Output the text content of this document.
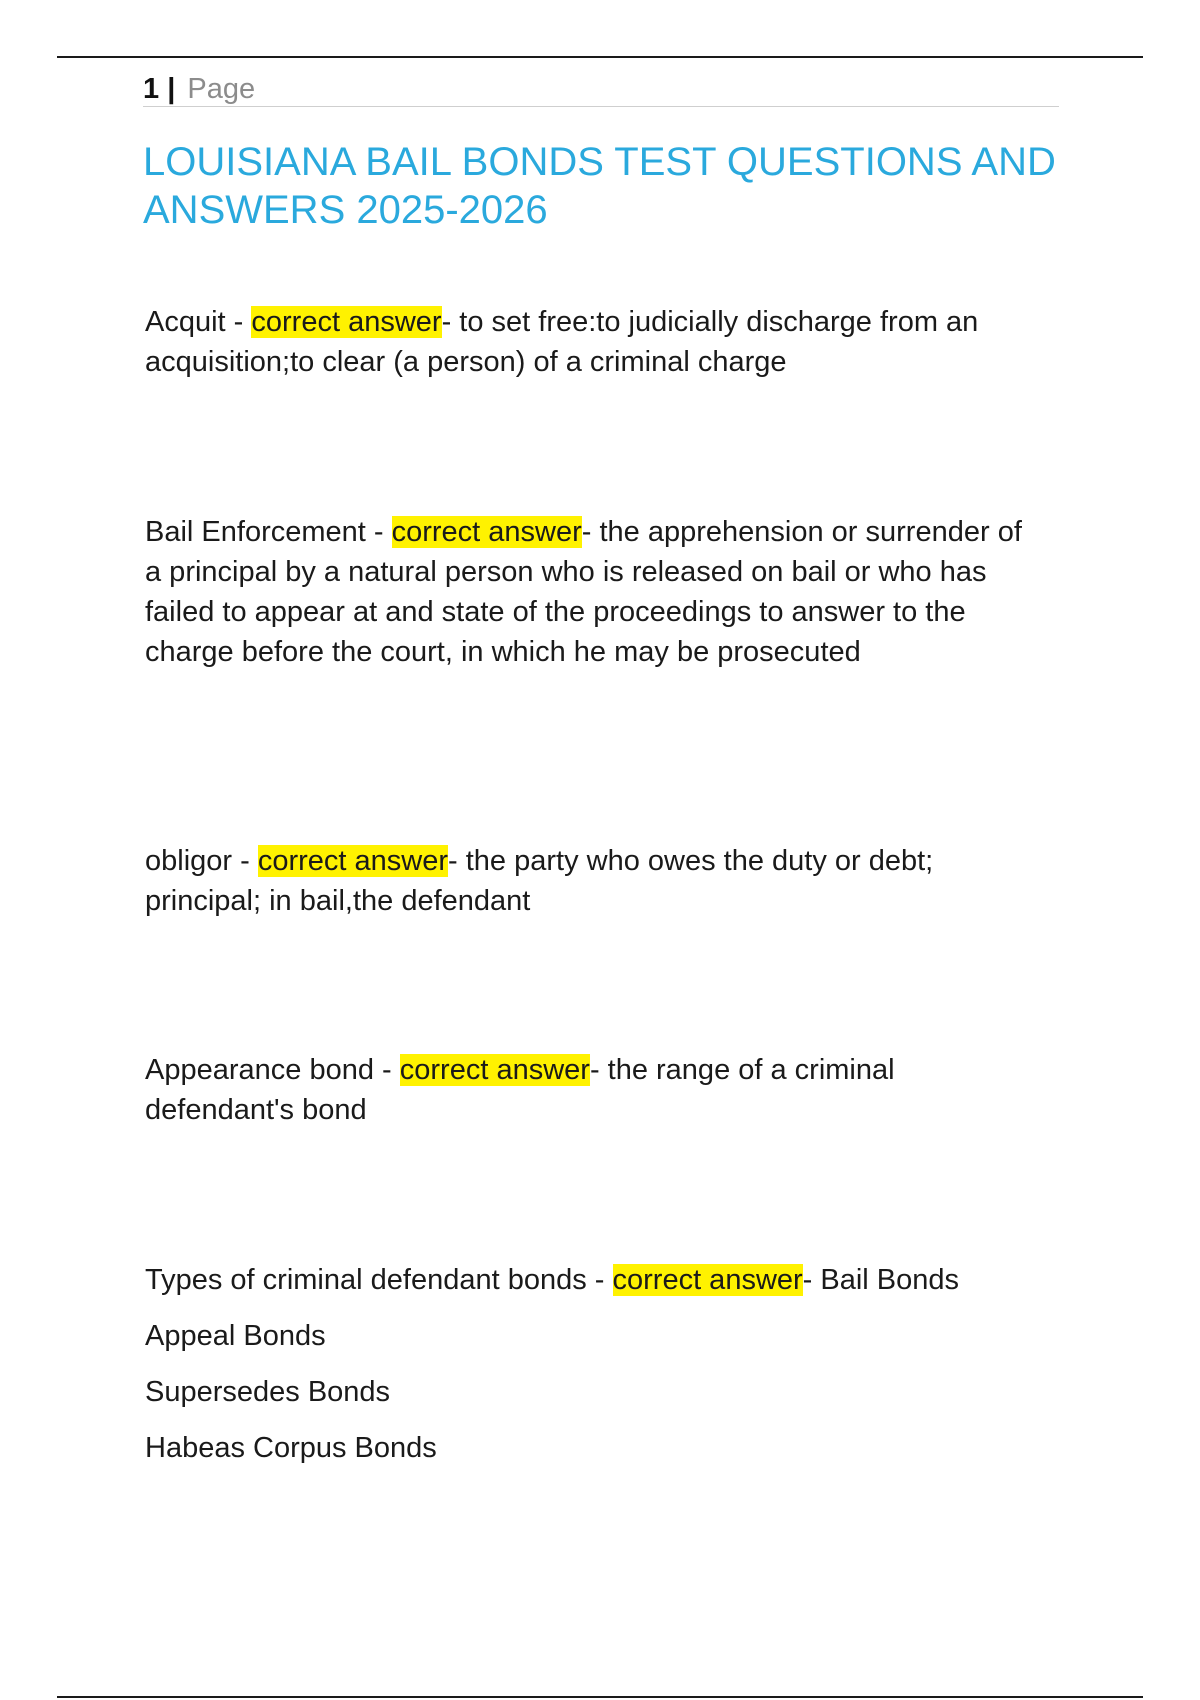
1 | Page
LOUISIANA BAIL BONDS TEST QUESTIONS AND ANSWERS 2025-2026

Acquit - correct answer- to set free:to judicially discharge from an acquisition;to clear (a person) of a criminal charge

Bail Enforcement - correct answer- the apprehension or surrender of a principal by a natural person who is released on bail or who has failed to appear at and state of the proceedings to answer to the charge before the court, in which he may be prosecuted

obligor - correct answer- the party who owes the duty or debt; principal; in bail,the defendant

Appearance bond - correct answer- the range of a criminal defendant's bond

Types of criminal defendant bonds - correct answer- Bail Bonds

Appeal Bonds

Supersedes Bonds

Habeas Corpus Bonds
